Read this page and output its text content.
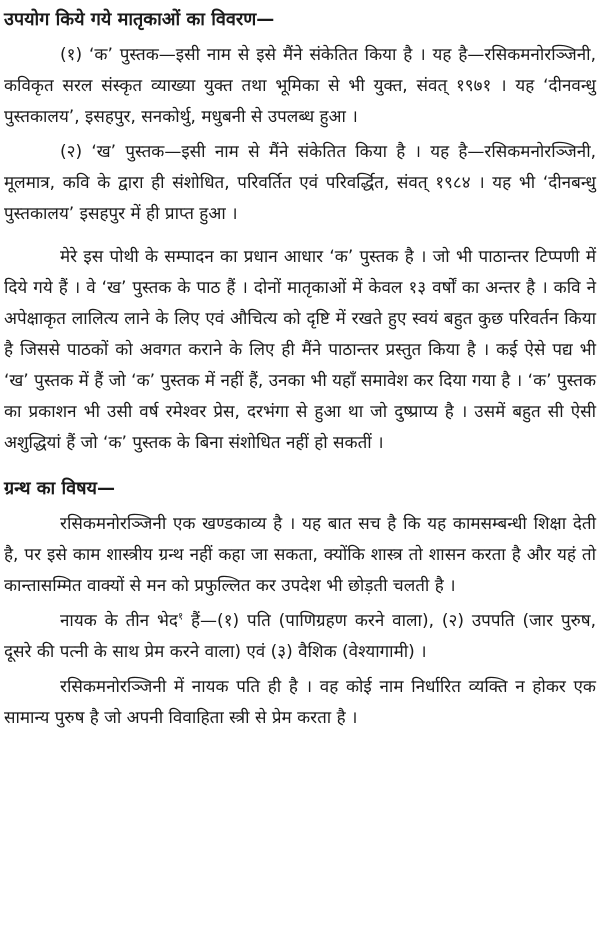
उपयोग किये गये मातृकाओं का विवरण—

(१) ‘क’ पुस्तक—इसी नाम से इसे मैंने संकेतित किया है । यह है—रसिकमनोरञ्जिनी, कविकृत सरल संस्कृत व्याख्या युक्त तथा भूमिका से भी युक्त, संवत् १९७१ । यह ‘दीनवन्धु पुस्तकालय’, इसहपुर, सनकोर्थु, मधुबनी से उपलब्ध हुआ ।

(२) ‘ख’ पुस्तक—इसी नाम से मैंने संकेतित किया है । यह है—रसिकमनोरञ्जिनी, मूलमात्र, कवि के द्वारा ही संशोधित, परिवर्तित एवं परिवर्द्धित, संवत् १९८४ । यह भी ‘दीनबन्धु पुस्तकालय’ इसहपुर में ही प्राप्त हुआ ।

मेरे इस पोथी के सम्पादन का प्रधान आधार ‘क’ पुस्तक है । जो भी पाठान्तर टिप्पणी में दिये गये हैं । वे ‘ख’ पुस्तक के पाठ हैं । दोनों मातृकाओं में केवल १३ वर्षों का अन्तर है । कवि ने अपेक्षाकृत लालित्य लाने के लिए एवं औचित्य को दृष्टि में रखते हुए स्वयं बहुत कुछ परिवर्तन किया है जिससे पाठकों को अवगत कराने के लिए ही मैंने पाठान्तर प्रस्तुत किया है । कई ऐसे पद्य भी ‘ख’ पुस्तक में हैं जो ‘क’ पुस्तक में नहीं हैं, उनका भी यहाँ समावेश कर दिया गया है । ‘क’ पुस्तक का प्रकाशन भी उसी वर्ष रमेश्वर प्रेस, दरभंगा से हुआ था जो दुष्प्राप्य है । उसमें बहुत सी ऐसी अशुद्धियां हैं जो ‘क’ पुस्तक के बिना संशोधित नहीं हो सकतीं ।

ग्रन्थ का विषय—

रसिकमनोरञ्जिनी एक खण्डकाव्य है । यह बात सच है कि यह कामसम्बन्धी शिक्षा देती है, पर इसे काम शास्त्रीय ग्रन्थ नहीं कहा जा सकता, क्योंकि शास्त्र तो शासन करता है और यहं तो कान्तासम्मित वाक्यों से मन को प्रफुल्लित कर उपदेश भी छोड़ती चलती है ।

नायक के तीन भेद$^१$ हैं—(१) पति (पाणिग्रहण करने वाला), (२) उपपति (जार पुरुष, दूसरे की पत्नी के साथ प्रेम करने वाला) एवं (३) वैशिक (वेश्यागामी) ।

रसिकमनोरञ्जिनी में नायक पति ही है । वह कोई नाम निर्धारित व्यक्ति न होकर एक सामान्य पुरुष है जो अपनी विवाहिता स्त्री से प्रेम करता है ।
